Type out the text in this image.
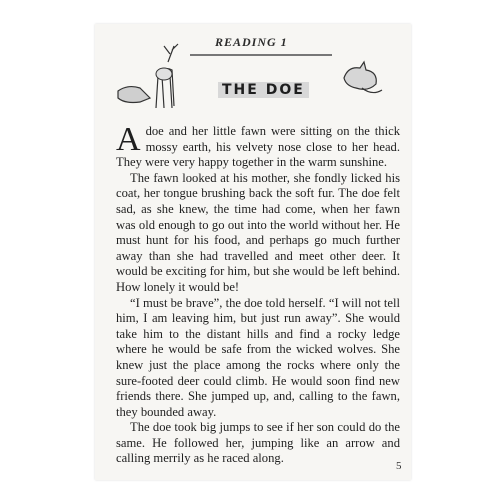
READING 1
THE DOE

A doe and her little fawn were sitting on the thick mossy earth, his velvety nose close to her head. They were very happy together in the warm sunshine.

The fawn looked at his mother, she fondly licked his coat, her tongue brushing back the soft fur. The doe felt sad, as she knew, the time had come, when her fawn was old enough to go out into the world without her. He must hunt for his food, and perhaps go much further away than she had travelled and meet other deer. It would be exciting for him, but she would be left behind. How lonely it would be!

“I must be brave”, the doe told herself. “I will not tell him, I am leaving him, but just run away”. She would take him to the distant hills and find a rocky ledge where he would be safe from the wicked wolves. She knew just the place among the rocks where only the sure-footed deer could climb. He would soon find new friends there. She jumped up, and, calling to the fawn, they bounded away.

The doe took big jumps to see if her son could do the same. He followed her, jumping like an arrow and calling merrily as he raced along.

5
